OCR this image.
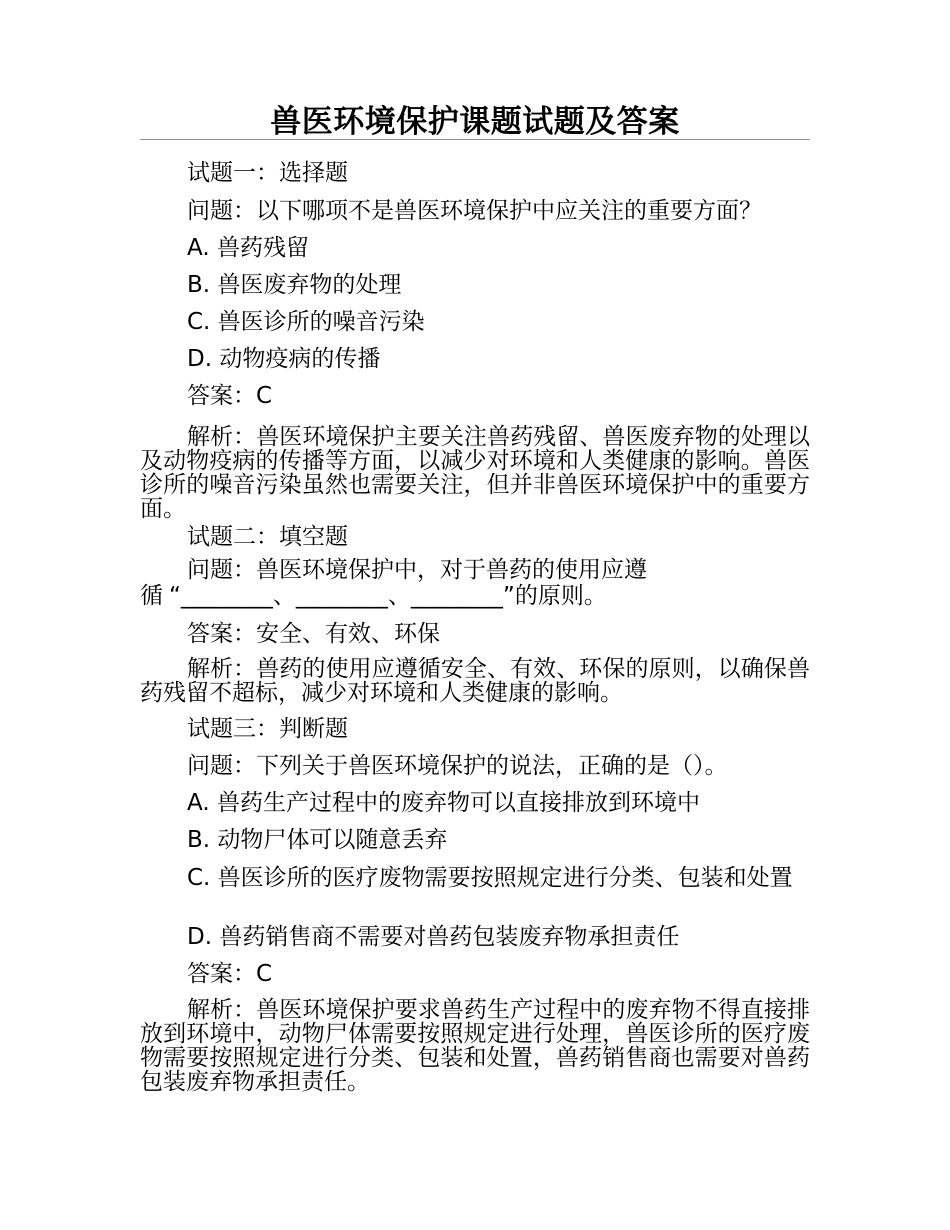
兽医环境保护课题试题及答案
试题一：选择题
问题：以下哪项不是兽医环境保护中应关注的重要方面？
A. 兽药残留
B. 兽医废弃物的处理
C. 兽医诊所的噪音污染
D. 动物疫病的传播
答案：C
解析：兽医环境保护主要关注兽药残留、兽医废弃物的处理以及动物疫病的传播等方面，以减少对环境和人类健康的影响。兽医诊所的噪音污染虽然也需要关注，但并非兽医环境保护中的重要方面。
试题二：填空题
问题：兽医环境保护中，对于兽药的使用应遵
循 “________、________、________”的原则。
答案：安全、有效、环保
解析：兽药的使用应遵循安全、有效、环保的原则，以确保兽药残留不超标，减少对环境和人类健康的影响。
试题三：判断题
问题：下列关于兽医环境保护的说法，正确的是（）。
A. 兽药生产过程中的废弃物可以直接排放到环境中
B. 动物尸体可以随意丢弃
C. 兽医诊所的医疗废物需要按照规定进行分类、包装和处置
D. 兽药销售商不需要对兽药包装废弃物承担责任
答案：C
解析：兽医环境保护要求兽药生产过程中的废弃物不得直接排放到环境中，动物尸体需要按照规定进行处理，兽医诊所的医疗废物需要按照规定进行分类、包装和处置，兽药销售商也需要对兽药包装废弃物承担责任。
